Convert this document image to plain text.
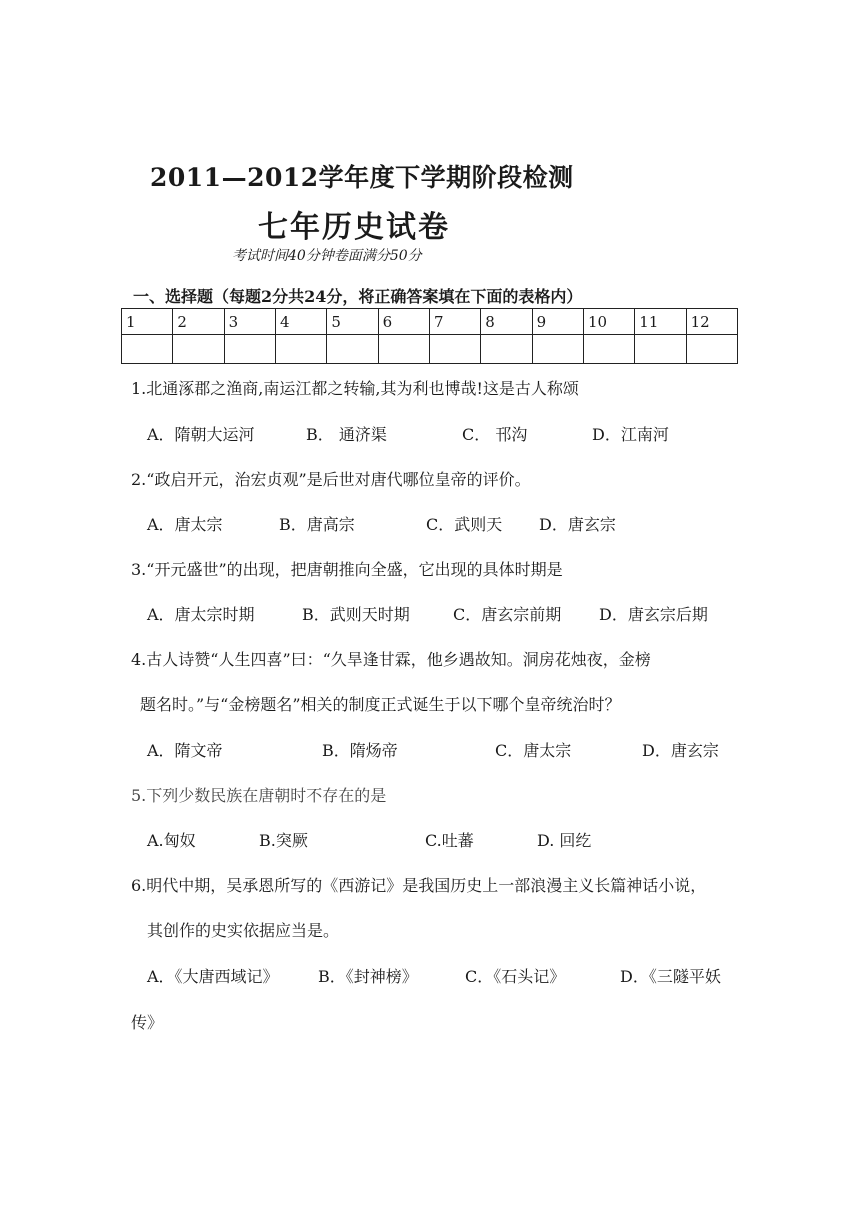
2011—2012学年度下学期阶段检测
七年历史试卷
考试时间40分钟卷面满分50分
一、选择题（每题2分共24分，将正确答案填在下面的表格内）
1	2	3	4	5	6	7	8	9	10	11	12

1.北通涿郡之渔商,南运江都之转输,其为利也博哉!这是古人称颂
A．隋朝大运河	B． 通济渠	C． 邗沟	D．江南河
2.“政启开元，治宏贞观”是后世对唐代哪位皇帝的评价。
A．唐太宗	B．唐高宗	C．武则天 D．唐玄宗
3.“开元盛世”的出现，把唐朝推向全盛，它出现的具体时期是
A．唐太宗时期	B．武则天时期	C．唐玄宗前期 D．唐玄宗后期
4.古人诗赞“人生四喜”曰：“久旱逢甘霖，他乡遇故知。洞房花烛夜，金榜
题名时。”与“金榜题名”相关的制度正式诞生于以下哪个皇帝统治时？
A．隋文帝	B．隋炀帝	C．唐太宗	D．唐玄宗
5.下列少数民族在唐朝时不存在的是
A.匈奴	B.突厥	C.吐蕃	D. 回纥
6.明代中期，吴承恩所写的《西游记》是我国历史上一部浪漫主义长篇神话小说，
其创作的史实依据应当是。
A．《大唐西域记》 B．《封神榜》	C．《石头记》	D．《三隧平妖
传》
